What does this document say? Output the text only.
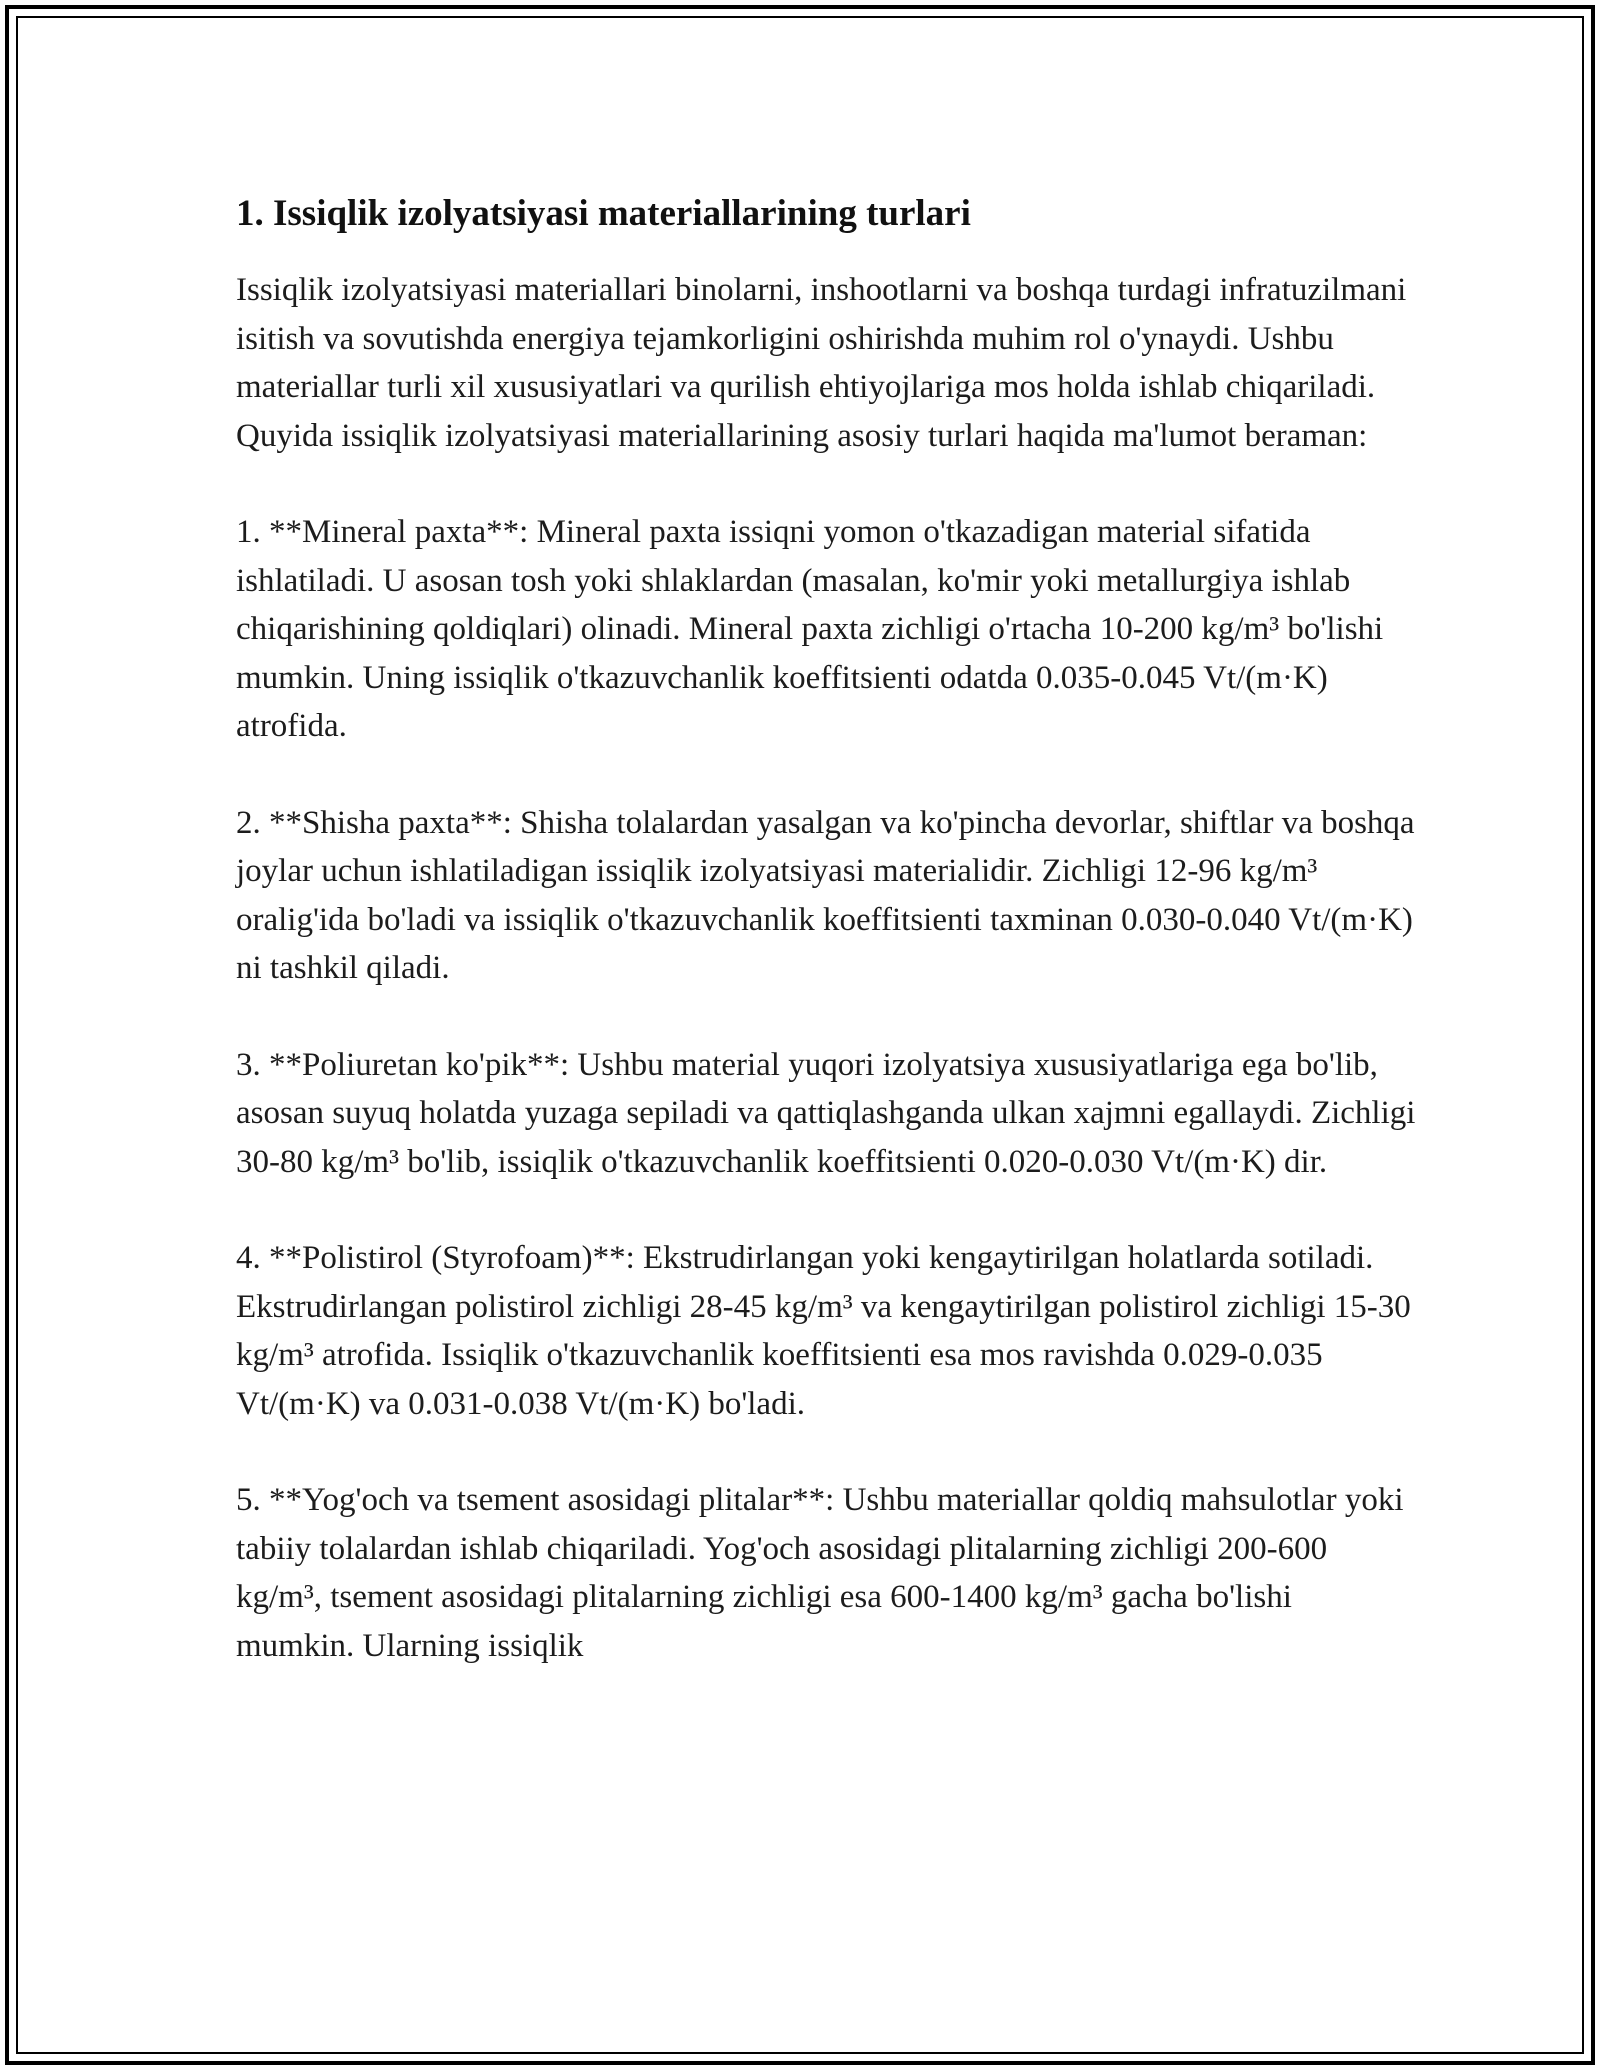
1. Issiqlik izolyatsiyasi materiallarining turlari

Issiqlik izolyatsiyasi materiallari binolarni, inshootlarni va boshqa turdagi infratuzilmani isitish va sovutishda energiya tejamkorligini oshirishda muhim rol o'ynaydi. Ushbu materiallar turli xil xususiyatlari va qurilish ehtiyojlariga mos holda ishlab chiqariladi. Quyida issiqlik izolyatsiyasi materiallarining asosiy turlari haqida ma'lumot beraman:

1. **Mineral paxta**: Mineral paxta issiqni yomon o'tkazadigan material sifatida ishlatiladi. U asosan tosh yoki shlaklardan (masalan, ko'mir yoki metallurgiya ishlab chiqarishining qoldiqlari) olinadi. Mineral paxta zichligi o'rtacha 10-200 kg/m³ bo'lishi mumkin. Uning issiqlik o'tkazuvchanlik koeffitsienti odatda 0.035-0.045 Vt/(m·K) atrofida.

2. **Shisha paxta**: Shisha tolalardan yasalgan va ko'pincha devorlar, shiftlar va boshqa joylar uchun ishlatiladigan issiqlik izolyatsiyasi materialidir. Zichligi 12-96 kg/m³ oralig'ida bo'ladi va issiqlik o'tkazuvchanlik koeffitsienti taxminan 0.030-0.040 Vt/(m·K) ni tashkil qiladi.

3. **Poliuretan ko'pik**: Ushbu material yuqori izolyatsiya xususiyatlariga ega bo'lib, asosan suyuq holatda yuzaga sepiladi va qattiqlashganda ulkan xajmni egallaydi. Zichligi 30-80 kg/m³ bo'lib, issiqlik o'tkazuvchanlik koeffitsienti 0.020-0.030 Vt/(m·K) dir.

4. **Polistirol (Styrofoam)**: Ekstrudirlangan yoki kengaytirilgan holatlarda sotiladi. Ekstrudirlangan polistirol zichligi 28-45 kg/m³ va kengaytirilgan polistirol zichligi 15-30 kg/m³ atrofida. Issiqlik o'tkazuvchanlik koeffitsienti esa mos ravishda 0.029-0.035 Vt/(m·K) va 0.031-0.038 Vt/(m·K) bo'ladi.

5. **Yog'och va tsement asosidagi plitalar**: Ushbu materiallar qoldiq mahsulotlar yoki tabiiy tolalardan ishlab chiqariladi. Yog'och asosidagi plitalarning zichligi 200-600 kg/m³, tsement asosidagi plitalarning zichligi esa 600-1400 kg/m³ gacha bo'lishi mumkin. Ularning issiqlik
